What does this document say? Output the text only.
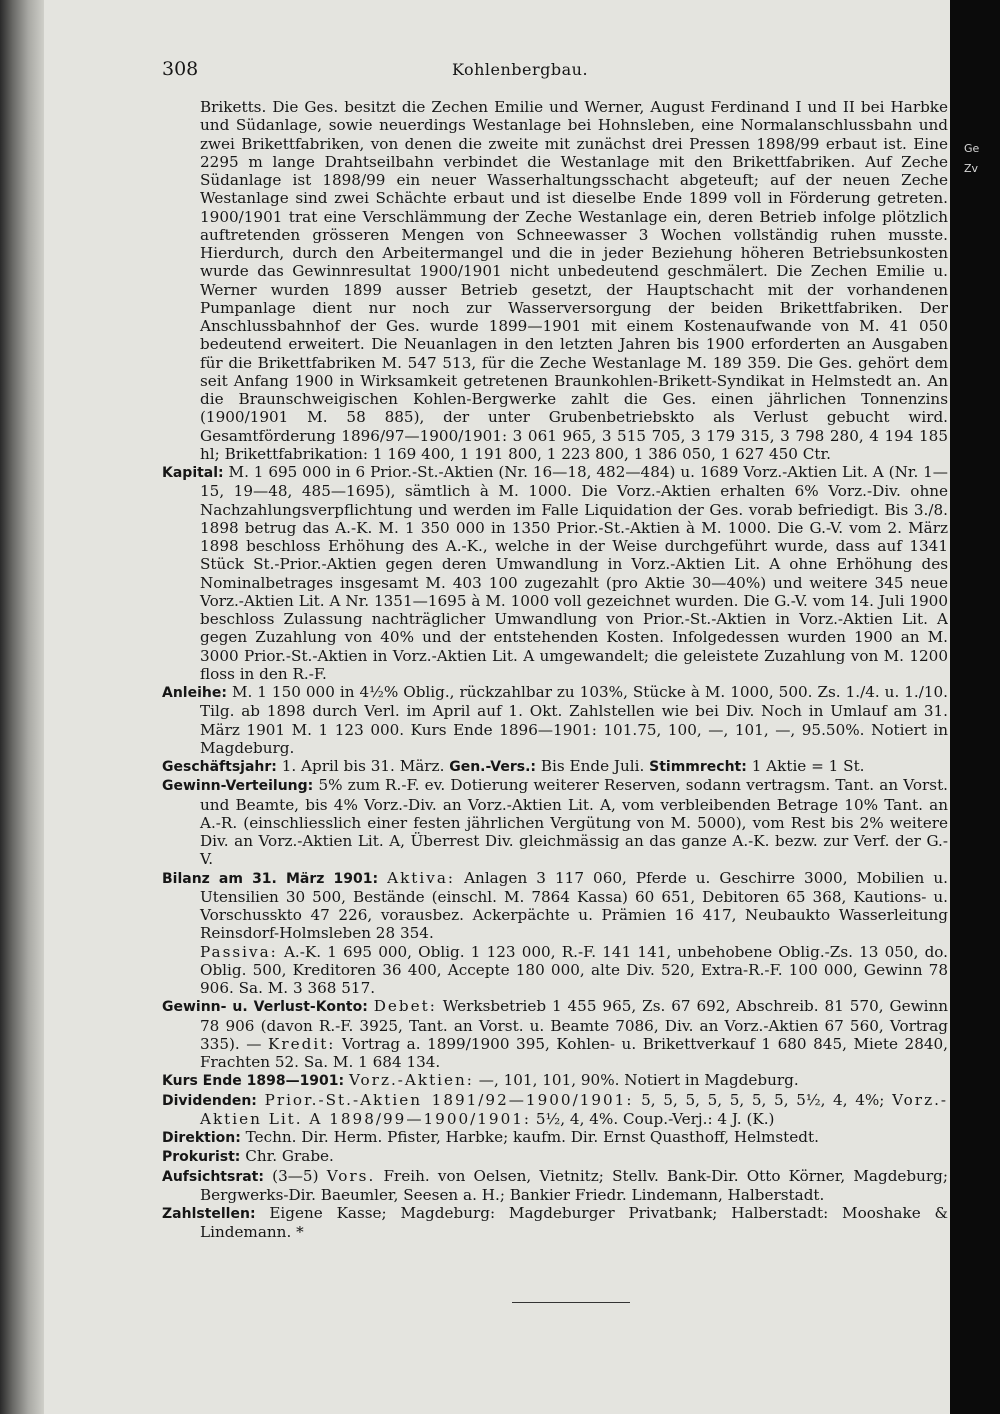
308	Kohlenbergbau.

Briketts. Die Ges. besitzt die Zechen Emilie und Werner, August Ferdinand I und II bei Harbke und Südanlage, sowie neuerdings Westanlage bei Hohnsleben, eine Normalanschlussbahn und zwei Brikettfabriken, von denen die zweite mit zunächst drei Pressen 1898/99 erbaut ist. Eine 2295 m lange Drahtseilbahn verbindet die Westanlage mit den Brikettfabriken. Auf Zeche Südanlage ist 1898/99 ein neuer Wasserhaltungsschacht abgeteuft; auf der neuen Zeche Westanlage sind zwei Schächte erbaut und ist dieselbe Ende 1899 voll in Förderung getreten. 1900/1901 trat eine Verschlämmung der Zeche Westanlage ein, deren Betrieb infolge plötzlich auftretenden grösseren Mengen von Schneewasser 3 Wochen vollständig ruhen musste. Hierdurch, durch den Arbeitermangel und die in jeder Beziehung höheren Betriebsunkosten wurde das Gewinnresultat 1900/1901 nicht unbedeutend geschmälert. Die Zechen Emilie u. Werner wurden 1899 ausser Betrieb gesetzt, der Hauptschacht mit der vorhandenen Pumpanlage dient nur noch zur Wasserversorgung der beiden Brikettfabriken. Der Anschlussbahnhof der Ges. wurde 1899—1901 mit einem Kostenaufwande von M. 41 050 bedeutend erweitert. Die Neuanlagen in den letzten Jahren bis 1900 erforderten an Ausgaben für die Brikettfabriken M. 547 513, für die Zeche Westanlage M. 189 359. Die Ges. gehört dem seit Anfang 1900 in Wirksamkeit getretenen Braunkohlen-Brikett-Syndikat in Helmstedt an. An die Braunschweigischen Kohlen-Bergwerke zahlt die Ges. einen jährlichen Tonnenzins (1900/1901 M. 58 885), der unter Grubenbetriebskto als Verlust gebucht wird. Gesamtförderung 1896/97—1900/1901: 3 061 965, 3 515 705, 3 179 315, 3 798 280, 4 194 185 hl; Brikettfabrikation: 1 169 400, 1 191 800, 1 223 800, 1 386 050, 1 627 450 Ctr.

Kapital: M. 1 695 000 in 6 Prior.-St.-Aktien (Nr. 16—18, 482—484) u. 1689 Vorz.-Aktien Lit. A (Nr. 1—15, 19—48, 485—1695), sämtlich à M. 1000. Die Vorz.-Aktien erhalten 6% Vorz.-Div. ohne Nachzahlungsverpflichtung und werden im Falle Liquidation der Ges. vorab befriedigt. Bis 3./8. 1898 betrug das A.-K. M. 1 350 000 in 1350 Prior.-St.-Aktien à M. 1000. Die G.-V. vom 2. März 1898 beschloss Erhöhung des A.-K., welche in der Weise durchgeführt wurde, dass auf 1341 Stück St.-Prior.-Aktien gegen deren Umwandlung in Vorz.-Aktien Lit. A ohne Erhöhung des Nominalbetrages insgesamt M. 403 100 zugezahlt (pro Aktie 30—40%) und weitere 345 neue Vorz.-Aktien Lit. A Nr. 1351—1695 à M. 1000 voll gezeichnet wurden. Die G.-V. vom 14. Juli 1900 beschloss Zulassung nachträglicher Umwandlung von Prior.-St.-Aktien in Vorz.-Aktien Lit. A gegen Zuzahlung von 40% und der entstehenden Kosten. Infolgedessen wurden 1900 an M. 3000 Prior.-St.-Aktien in Vorz.-Aktien Lit. A umgewandelt; die geleistete Zuzahlung von M. 1200 floss in den R.-F.

Anleihe: M. 1 150 000 in 4½% Oblig., rückzahlbar zu 103%, Stücke à M. 1000, 500. Zs. 1./4. u. 1./10. Tilg. ab 1898 durch Verl. im April auf 1. Okt. Zahlstellen wie bei Div. Noch in Umlauf am 31. März 1901 M. 1 123 000. Kurs Ende 1896—1901: 101.75, 100, —, 101, —, 95.50%. Notiert in Magdeburg.

Geschäftsjahr: 1. April bis 31. März. Gen.-Vers.: Bis Ende Juli. Stimmrecht: 1 Aktie = 1 St.

Gewinn-Verteilung: 5% zum R.-F. ev. Dotierung weiterer Reserven, sodann vertragsm. Tant. an Vorst. und Beamte, bis 4% Vorz.-Div. an Vorz.-Aktien Lit. A, vom verbleibenden Betrage 10% Tant. an A.-R. (einschliesslich einer festen jährlichen Vergütung von M. 5000), vom Rest bis 2% weitere Div. an Vorz.-Aktien Lit. A, Überrest Div. gleichmässig an das ganze A.-K. bezw. zur Verf. der G.-V.

Bilanz am 31. März 1901: Aktiva: Anlagen 3 117 060, Pferde u. Geschirre 3000, Mobilien u. Utensilien 30 500, Bestände (einschl. M. 7864 Kassa) 60 651, Debitoren 65 368, Kautions- u. Vorschusskto 47 226, vorausbez. Ackerpächte u. Prämien 16 417, Neubaukto Wasserleitung Reinsdorf-Holmsleben 28 354.

Passiva: A.-K. 1 695 000, Oblig. 1 123 000, R.-F. 141 141, unbehobene Oblig.-Zs. 13 050, do. Oblig. 500, Kreditoren 36 400, Accepte 180 000, alte Div. 520, Extra-R.-F. 100 000, Gewinn 78 906. Sa. M. 3 368 517.

Gewinn- u. Verlust-Konto: Debet: Werksbetrieb 1 455 965, Zs. 67 692, Abschreib. 81 570, Gewinn 78 906 (davon R.-F. 3925, Tant. an Vorst. u. Beamte 7086, Div. an Vorz.-Aktien 67 560, Vortrag 335). — Kredit: Vortrag a. 1899/1900 395, Kohlen- u. Brikettverkauf 1 680 845, Miete 2840, Frachten 52. Sa. M. 1 684 134.

Kurs Ende 1898—1901: Vorz.-Aktien: —, 101, 101, 90%. Notiert in Magdeburg.

Dividenden: Prior.-St.-Aktien 1891/92—1900/1901: 5, 5, 5, 5, 5, 5, 5, 5½, 4, 4%; Vorz.-Aktien Lit. A 1898/99—1900/1901: 5½, 4, 4%. Coup.-Verj.: 4 J. (K.)

Direktion: Techn. Dir. Herm. Pfister, Harbke; kaufm. Dir. Ernst Quasthoff, Helmstedt.

Prokurist: Chr. Grabe.

Aufsichtsrat: (3—5) Vors. Freih. von Oelsen, Vietnitz; Stellv. Bank-Dir. Otto Körner, Magdeburg; Bergwerks-Dir. Baeumler, Seesen a. H.; Bankier Friedr. Lindemann, Halberstadt.

Zahlstellen: Eigene Kasse; Magdeburg: Magdeburger Privatbank; Halberstadt: Mooshake & Lindemann. *

Ge
Zv
